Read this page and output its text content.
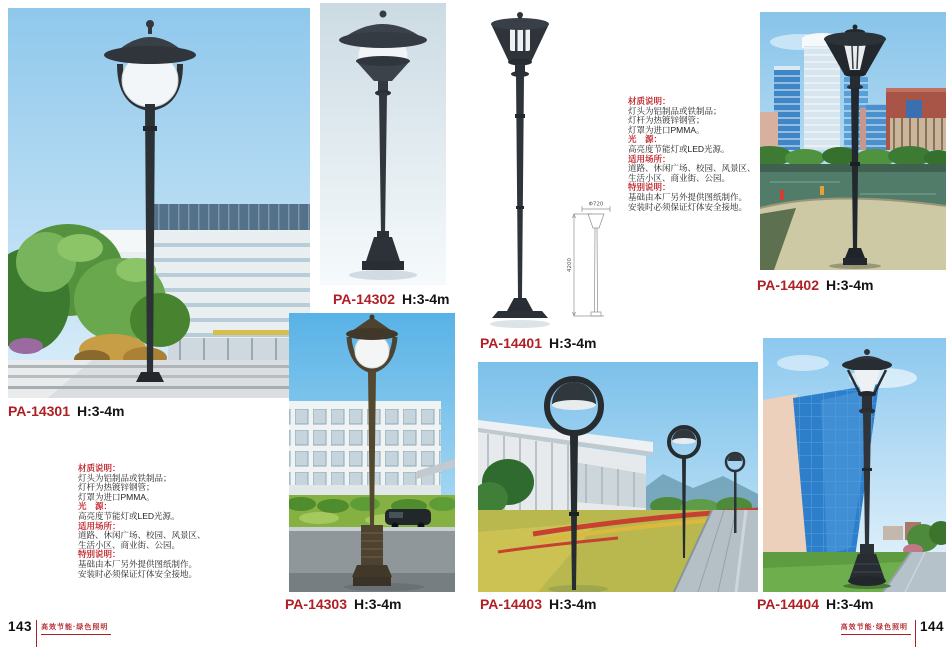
PA-14301 H:3-4m
材质说明：
灯头为铝制品或铁制品；
灯杆为热镀锌钢管；
灯罩为进口PMMA。
光　源：
高亮度节能灯或LED光源。
适用场所：
道路、休闲广场、校园、风景区、
生活小区、商业街、公园。
特别说明：
基础由本厂另外提供图纸制作。
安装时必须保证灯体安全接地。
PA-14302 H:3-4m
Φ720
4200
PA-14401 H:3-4m
PA-14303 H:3-4m	PA-14403 H:3-4m
143 高效节能·绿色照明
材质说明：
灯头为铝制品或铁制品；
灯杆为热镀锌钢管；
灯罩为进口PMMA。
光　源：
高亮度节能灯或LED光源。
适用场所：
道路、休闲广场、校园、风景区、
生活小区、商业街、公园。
特别说明：
基础由本厂另外提供图纸制作。
安装时必须保证灯体安全接地。
PA-14402 H:3-4m
PA-14404 H:3-4m
高效节能·绿色照明 144
